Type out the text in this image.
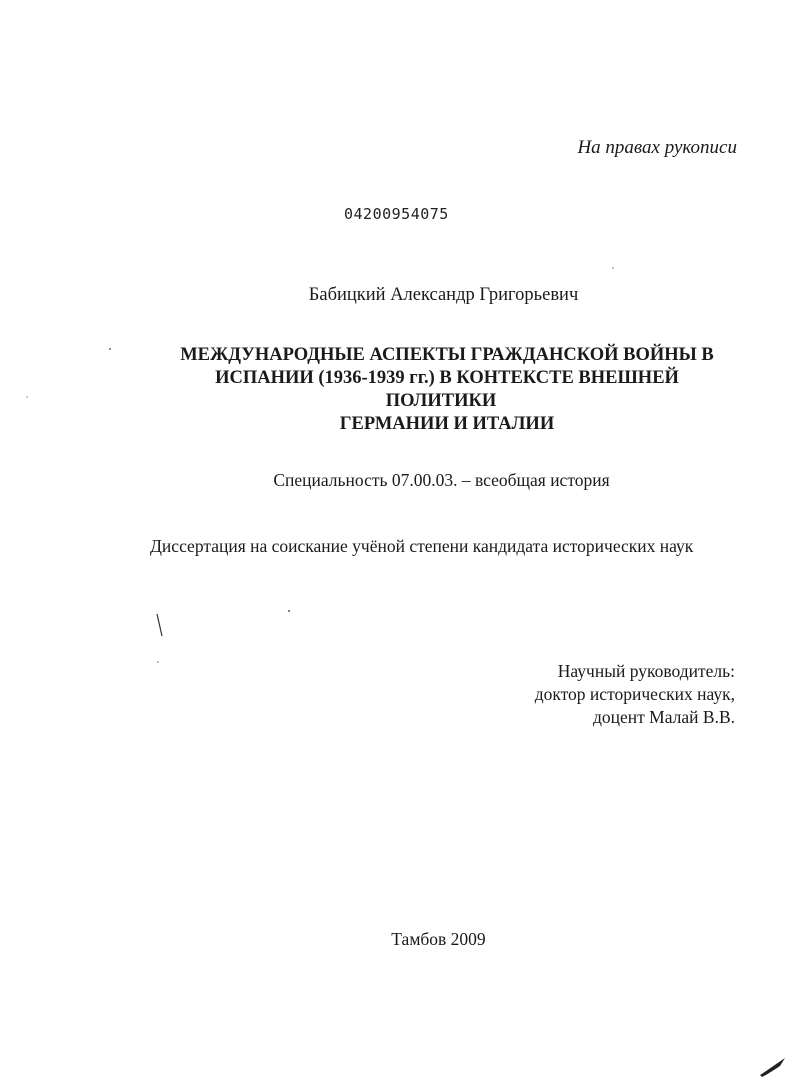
На правах рукописи
04200954075
Бабицкий Александр Григорьевич
МЕЖДУНАРОДНЫЕ АСПЕКТЫ ГРАЖДАНСКОЙ ВОЙНЫ В
ИСПАНИИ (1936-1939 гг.) В КОНТЕКСТЕ ВНЕШНЕЙ ПОЛИТИКИ
ГЕРМАНИИ И ИТАЛИИ
Специальность 07.00.03. – всеобщая история
Диссертация на соискание учёной степени кандидата исторических наук
Научный руководитель:
доктор исторических наук,
доцент Малай В.В.
Тамбов 2009
